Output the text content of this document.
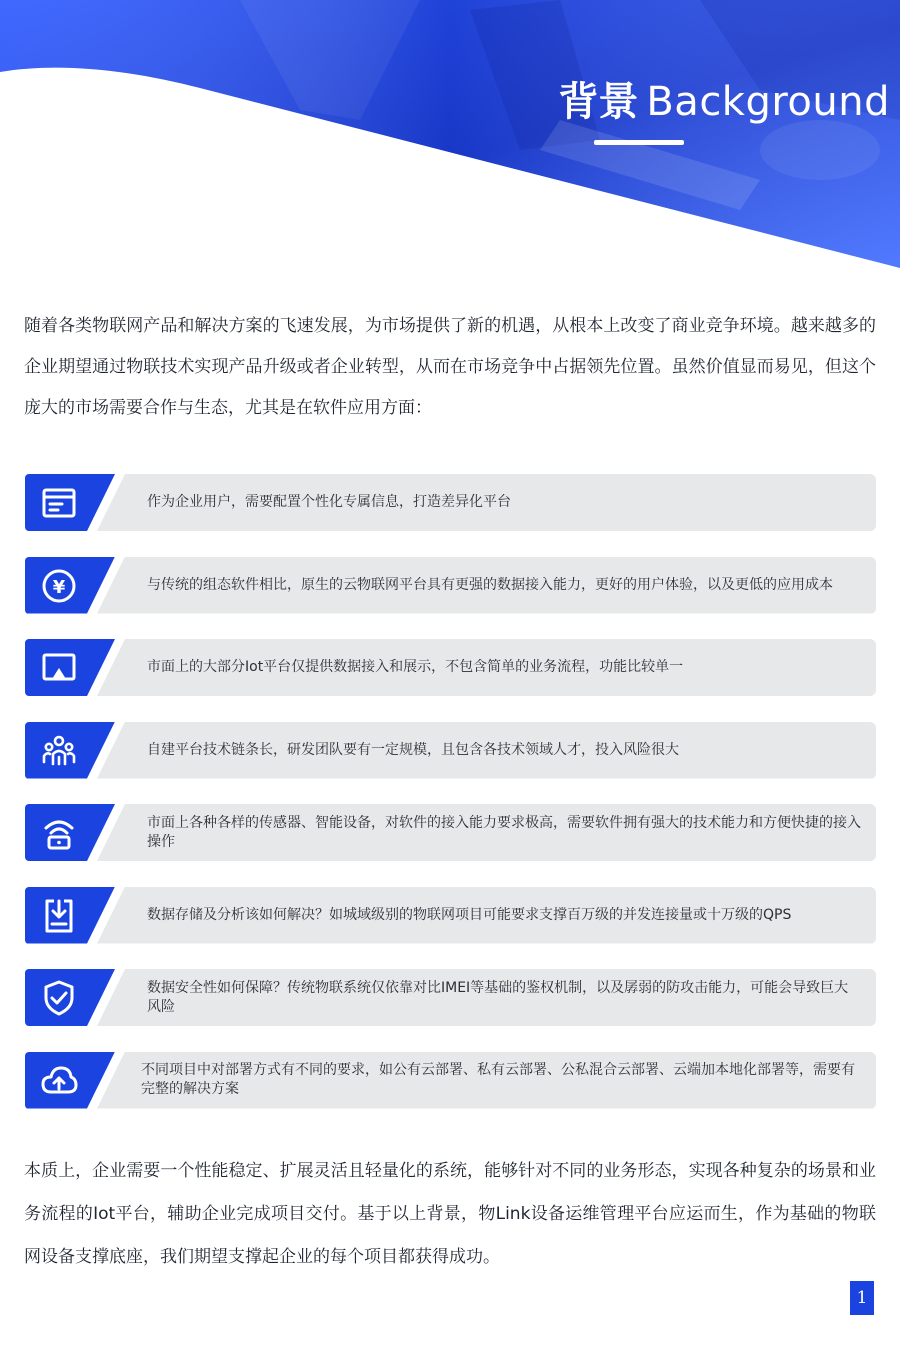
背景 Background

随着各类物联网产品和解决方案的飞速发展，为市场提供了新的机遇，从根本上改变了商业竞争环境。越来越多的企业期望通过物联技术实现产品升级或者企业转型，从而在市场竞争中占据领先位置。虽然价值显而易见，但这个庞大的市场需要合作与生态，尤其是在软件应用方面：

作为企业用户，需要配置个性化专属信息，打造差异化平台
¥	与传统的组态软件相比，原生的云物联网平台具有更强的数据接入能力，更好的用户体验，以及更低的应用成本
市面上的大部分Iot平台仅提供数据接入和展示，不包含简单的业务流程，功能比较单一
自建平台技术链条长，研发团队要有一定规模，且包含各技术领域人才，投入风险很大
市面上各种各样的传感器、智能设备，对软件的接入能力要求极高，需要软件拥有强大的技术能力和方便快捷的接入操作
数据存储及分析该如何解决？如城域级别的物联网项目可能要求支撑百万级的并发连接量或十万级的QPS
数据安全性如何保障？传统物联系统仅依靠对比IMEI等基础的鉴权机制，以及孱弱的防攻击能力，可能会导致巨大风险
不同项目中对部署方式有不同的要求，如公有云部署、私有云部署、公私混合云部署、云端加本地化部署等，需要有完整的解决方案

本质上，企业需要一个性能稳定、扩展灵活且轻量化的系统，能够针对不同的业务形态，实现各种复杂的场景和业务流程的Iot平台，辅助企业完成项目交付。基于以上背景，物Link设备运维管理平台应运而生，作为基础的物联网设备支撑底座，我们期望支撑起企业的每个项目都获得成功。

1
